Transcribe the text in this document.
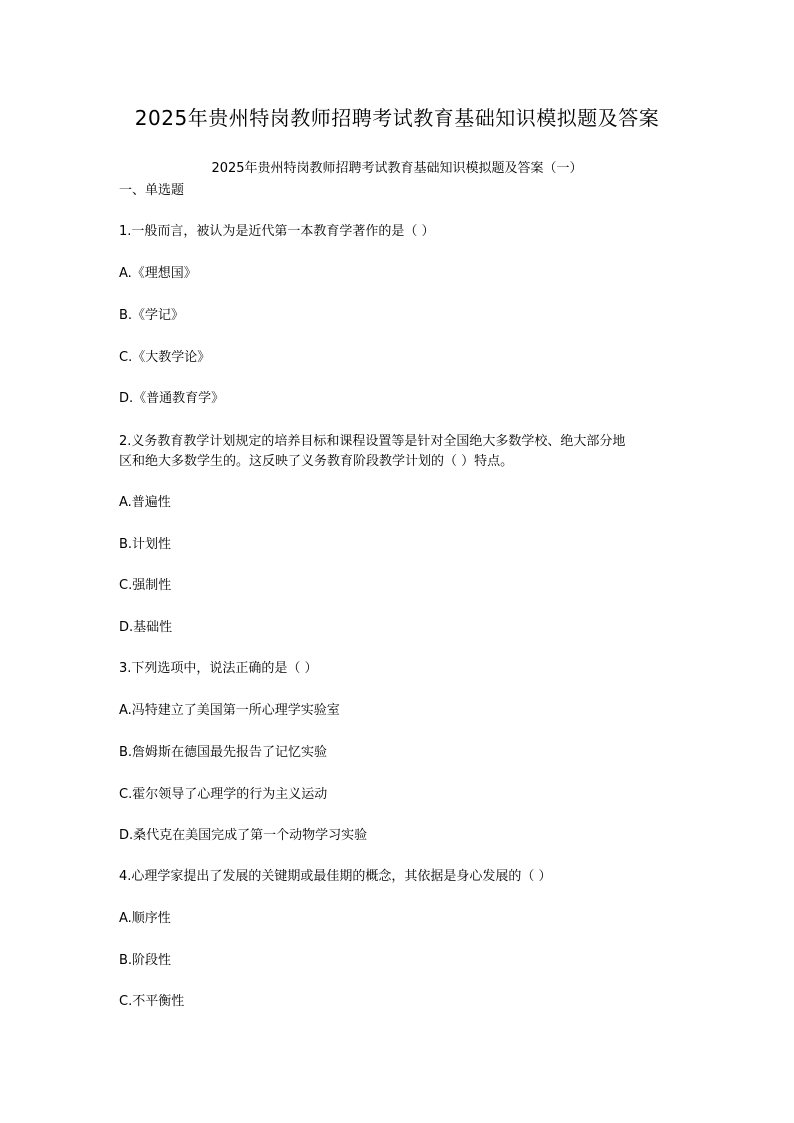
2025年贵州特岗教师招聘考试教育基础知识模拟题及答案
2025年贵州特岗教师招聘考试教育基础知识模拟题及答案（一）
一、单选题
1.一般而言，被认为是近代第一本教育学著作的是（ ）
A.《理想国》
B.《学记》
C.《大教学论》
D.《普通教育学》
2.义务教育教学计划规定的培养目标和课程设置等是针对全国绝大多数学校、绝大部分地
区和绝大多数学生的。这反映了义务教育阶段教学计划的（ ）特点。
A.普遍性
B.计划性
C.强制性
D.基础性
3.下列选项中，说法正确的是（ ）
A.冯特建立了美国第一所心理学实验室
B.詹姆斯在德国最先报告了记忆实验
C.霍尔领导了心理学的行为主义运动
D.桑代克在美国完成了第一个动物学习实验
4.心理学家提出了发展的关键期或最佳期的概念，其依据是身心发展的（ ）
A.顺序性
B.阶段性
C.不平衡性
